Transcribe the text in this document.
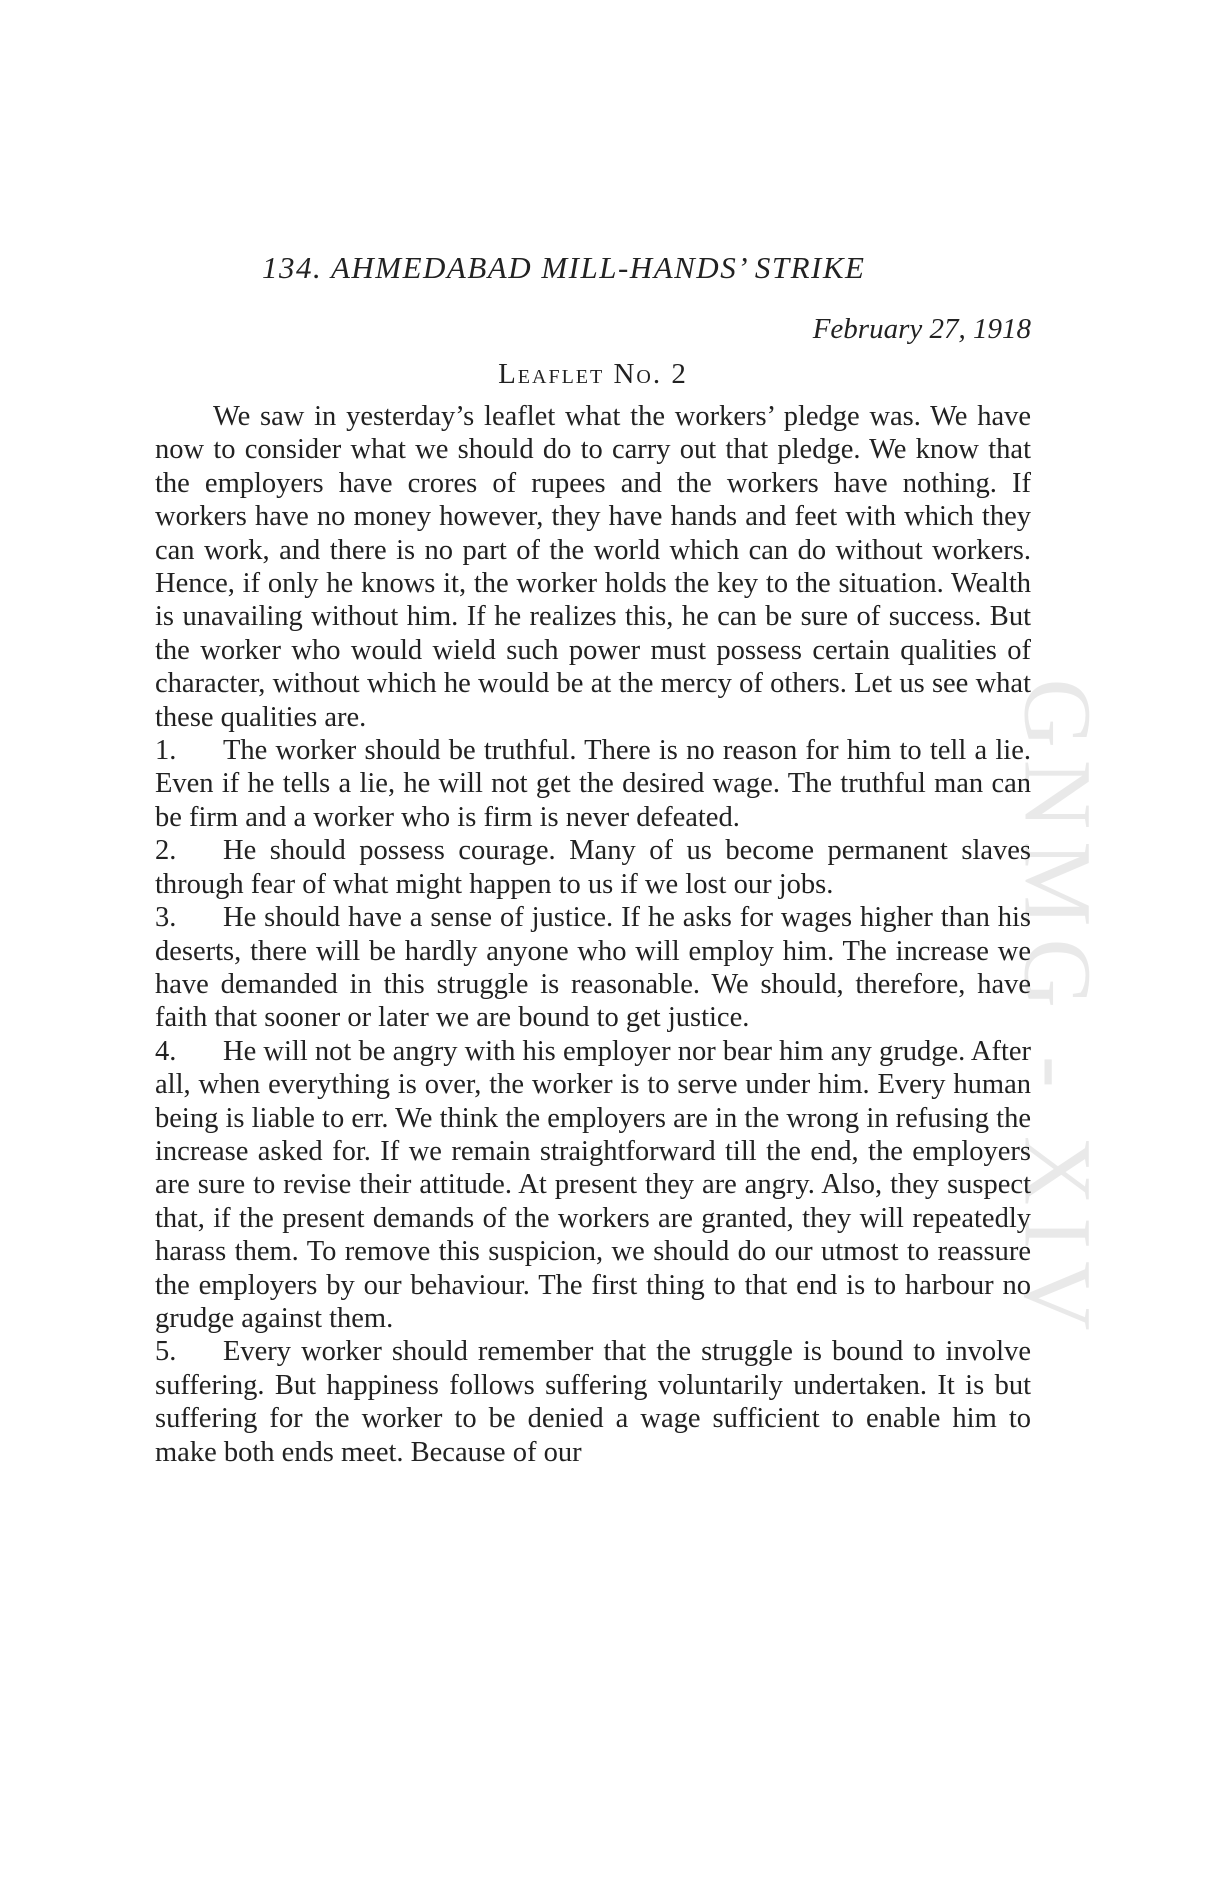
GNMG - XIV
134. AHMEDABAD MILL-HANDS’ STRIKE
February 27, 1918
Leaflet No. 2

We saw in yesterday’s leaflet what the workers’ pledge was. We have now to consider what we should do to carry out that pledge. We know that the employers have crores of rupees and the workers have nothing. If workers have no money however, they have hands and feet with which they can work, and there is no part of the world which can do without workers. Hence, if only he knows it, the worker holds the key to the situation. Wealth is unavailing without him. If he realizes this, he can be sure of success. But the worker who would wield such power must possess certain qualities of character, without which he would be at the mercy of others. Let us see what these qualities are.

1. The worker should be truthful. There is no reason for him to tell a lie. Even if he tells a lie, he will not get the desired wage. The truthful man can be firm and a worker who is firm is never defeated.

2. He should possess courage. Many of us become permanent slaves through fear of what might happen to us if we lost our jobs.

3. He should have a sense of justice. If he asks for wages higher than his deserts, there will be hardly anyone who will employ him. The increase we have demanded in this struggle is reasonable. We should, therefore, have faith that sooner or later we are bound to get justice.

4. He will not be angry with his employer nor bear him any grudge. After all, when everything is over, the worker is to serve under him. Every human being is liable to err. We think the employers are in the wrong in refusing the increase asked for. If we remain straightforward till the end, the employers are sure to revise their attitude. At present they are angry. Also, they suspect that, if the present demands of the workers are granted, they will repeatedly harass them. To remove this suspicion, we should do our utmost to reassure the employers by our behaviour. The first thing to that end is to harbour no grudge against them.

5. Every worker should remember that the struggle is bound to involve suffering. But happiness follows suffering voluntarily undertaken. It is but suffering for the worker to be denied a wage sufficient to enable him to make both ends meet. Because of our
